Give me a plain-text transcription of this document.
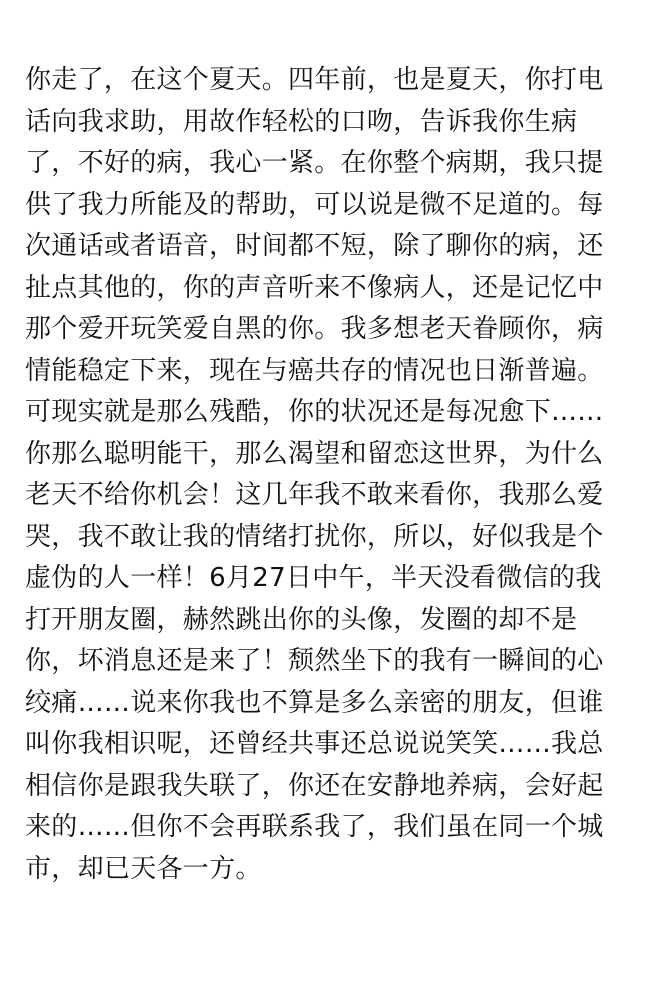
你走了，在这个夏天。四年前，也是夏天，你打电
话向我求助，用故作轻松的口吻，告诉我你生病
了，不好的病，我心一紧。在你整个病期，我只提
供了我力所能及的帮助，可以说是微不足道的。每
次通话或者语音，时间都不短，除了聊你的病，还
扯点其他的，你的声音听来不像病人，还是记忆中
那个爱开玩笑爱自黑的你。我多想老天眷顾你，病
情能稳定下来，现在与癌共存的情况也日渐普遍。
可现实就是那么残酷，你的状况还是每况愈下……
你那么聪明能干，那么渴望和留恋这世界，为什么
老天不给你机会！这几年我不敢来看你，我那么爱
哭，我不敢让我的情绪打扰你，所以，好似我是个
虚伪的人一样！6月27日中午，半天没看微信的我
打开朋友圈，赫然跳出你的头像，发圈的却不是
你，坏消息还是来了！颓然坐下的我有一瞬间的心
绞痛……说来你我也不算是多么亲密的朋友，但谁
叫你我相识呢，还曾经共事还总说说笑笑……我总
相信你是跟我失联了，你还在安静地养病，会好起
来的……但你不会再联系我了，我们虽在同一个城
市，却已天各一方。
